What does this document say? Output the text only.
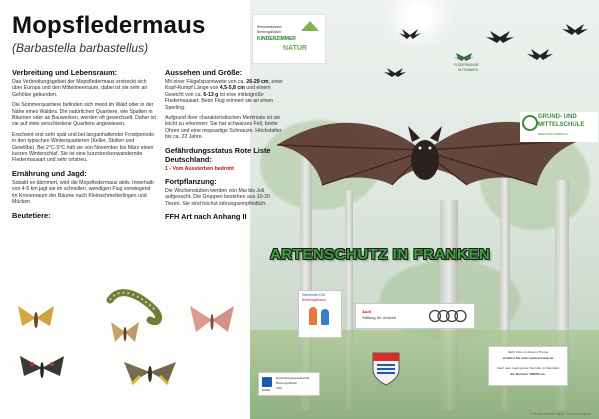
Mopsfledermaus
(Barbastella barbastellus)
Verbreitung und Lebensraum:

Das Verbreitungsgebiet der Mopsfledermaus erstreckt sich über Europa und den Mittelmeerraum, dabei ist sie sehr an Gehölze gebunden.

Die Sommerquartiere befinden sich meist im Wald oder in der Nähe eines Waldes. Die natürlichen Quartiere, wie Spalten in Bäumen oder an Bauwerken, werden oft gewechselt. Daher ist sie auf viele verschiedene Quartiere angewiesen.

Erscheint erst sehr spät und bei langanhaltender Frostperiode in den typischen Winterquartieren (Keller, Stollen und Gewölbe). Bei 2°C-5°C hält sie von November bis März einen kurzen Winterschlaf. Sie ist eine kurzstreckenwandernde Fledermausart und sehr ortstreu.

Ernährung und Jagd:

Sobald es dämmert, wird die Mopsfledermaus aktiv. Innerhalb von 4-5 km jagt sie im schnellen, wendigen Flug vorwiegend im Kronenraum der Bäume nach Kleinschmetterlingen und Mücken.

Beutetiere:
Aussehen und Größe:

Mit einer Flügelspannweite von ca. 26-29 cm, einer Kopf-Rumpf Länge von 4,5-5,8 cm und einem Gewicht von ca. 6-13 g ist eine mittelgroße Fledermausart. Beim Flug erinnert sie an einen Sperling.

Aufgrund ihrer charakteristischen Merkmale ist sie leicht zu erkennen: Sie hat schwarzes Fell, breite Ohren und eine mopsartige Schnauze. Höchstalter bis ca. 22 Jahre.

Gefährdungsstatus Rote Liste Deutschland:

1 - Vom Aussterben bedroht

Fortpflanzung:

Die Wochenstuben werden von Mai bis Juli aufgesucht. Die Gruppen bestehen aus 10-20 Tieren. Sie sind höchst störungsempfindlich.

FFH Art nach Anhang II
Streuobstwiesen
Breitengüßbach
KINDERZIMMER
NATUR
FLEDERMÄUSE
IN FRANKEN
GRUND- UND
MITTELSCHULE
BREITENGÜSSBACH
ARTENSCHUTZ IN FRANKEN
Gemeinde KiTa
Breitengüßbach
Audi
Stiftung für Umwelt
Mehr Infos zu diesem Thema
erhalten Sie unter www.arf-wup.de
Nach dem Login geben Sie bitte im Menüfeld
die Nummer 100555 ein.
EGBE
Entwicklungsgesellschaft
Breitengüßbach
mbH
© Kinderzimmer Natur · www.arf-wup.de
